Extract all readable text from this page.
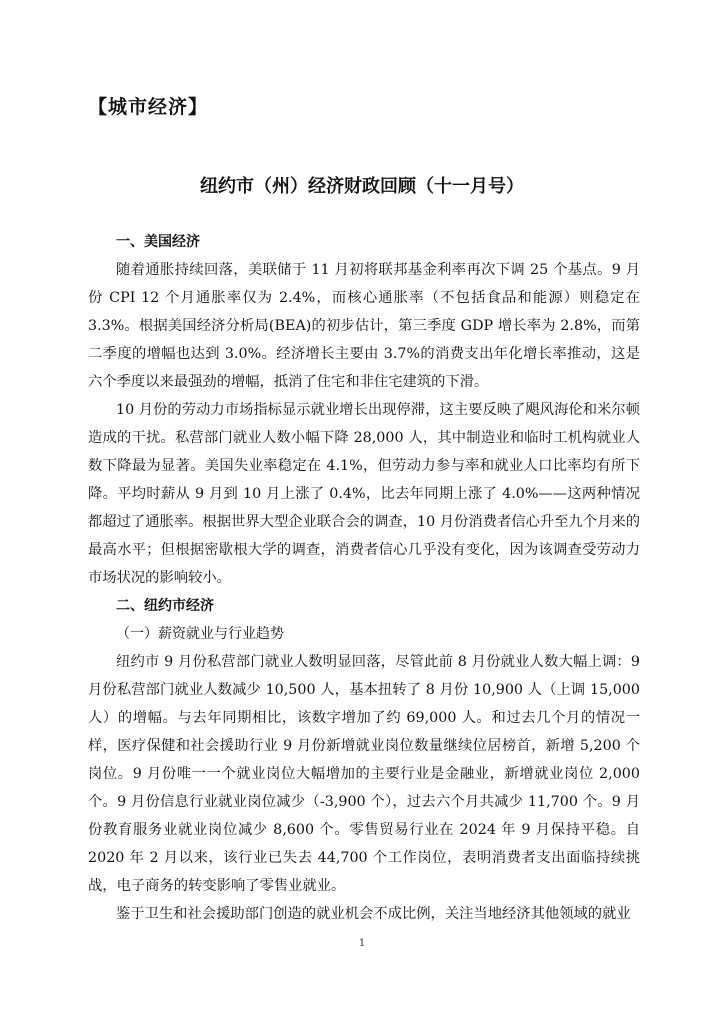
【城市经济】
纽约市（州）经济财政回顾（十一月号）
一、美国经济

随着通胀持续回落，美联储于 11 月初将联邦基金利率再次下调 25 个基点。9 月份 CPI 12 个月通胀率仅为 2.4%，而核心通胀率（不包括食品和能源）则稳定在 3.3%。根据美国经济分析局(BEA)的初步估计，第三季度 GDP 增长率为 2.8%，而第二季度的增幅也达到 3.0%。经济增长主要由 3.7%的消费支出年化增长率推动，这是六个季度以来最强劲的增幅，抵消了住宅和非住宅建筑的下滑。

10 月份的劳动力市场指标显示就业增长出现停滞，这主要反映了飓风海伦和米尔顿造成的干扰。私营部门就业人数小幅下降 28,000 人，其中制造业和临时工机构就业人数下降最为显著。美国失业率稳定在 4.1%，但劳动力参与率和就业人口比率均有所下降。平均时薪从 9 月到 10 月上涨了 0.4%，比去年同期上涨了 4.0%——这两种情况都超过了通胀率。根据世界大型企业联合会的调查，10 月份消费者信心升至九个月来的最高水平；但根据密歇根大学的调查，消费者信心几乎没有变化，因为该调查受劳动力市场状况的影响较小。

二、纽约市经济
（一）薪资就业与行业趋势

纽约市 9 月份私营部门就业人数明显回落，尽管此前 8 月份就业人数大幅上调：9 月份私营部门就业人数减少 10,500 人，基本扭转了 8 月份 10,900 人（上调 15,000 人）的增幅。与去年同期相比，该数字增加了约 69,000 人。和过去几个月的情况一样，医疗保健和社会援助行业 9 月份新增就业岗位数量继续位居榜首，新增 5,200 个岗位。9 月份唯一一个就业岗位大幅增加的主要行业是金融业，新增就业岗位 2,000 个。9 月份信息行业就业岗位减少（-3,900 个），过去六个月共减少 11,700 个。9 月份教育服务业就业岗位减少 8,600 个。零售贸易行业在 2024 年 9 月保持平稳。自 2020 年 2 月以来，该行业已失去 44,700 个工作岗位，表明消费者支出面临持续挑战，电子商务的转变影响了零售业就业。

鉴于卫生和社会援助部门创造的就业机会不成比例，关注当地经济其他领域的就业

1
